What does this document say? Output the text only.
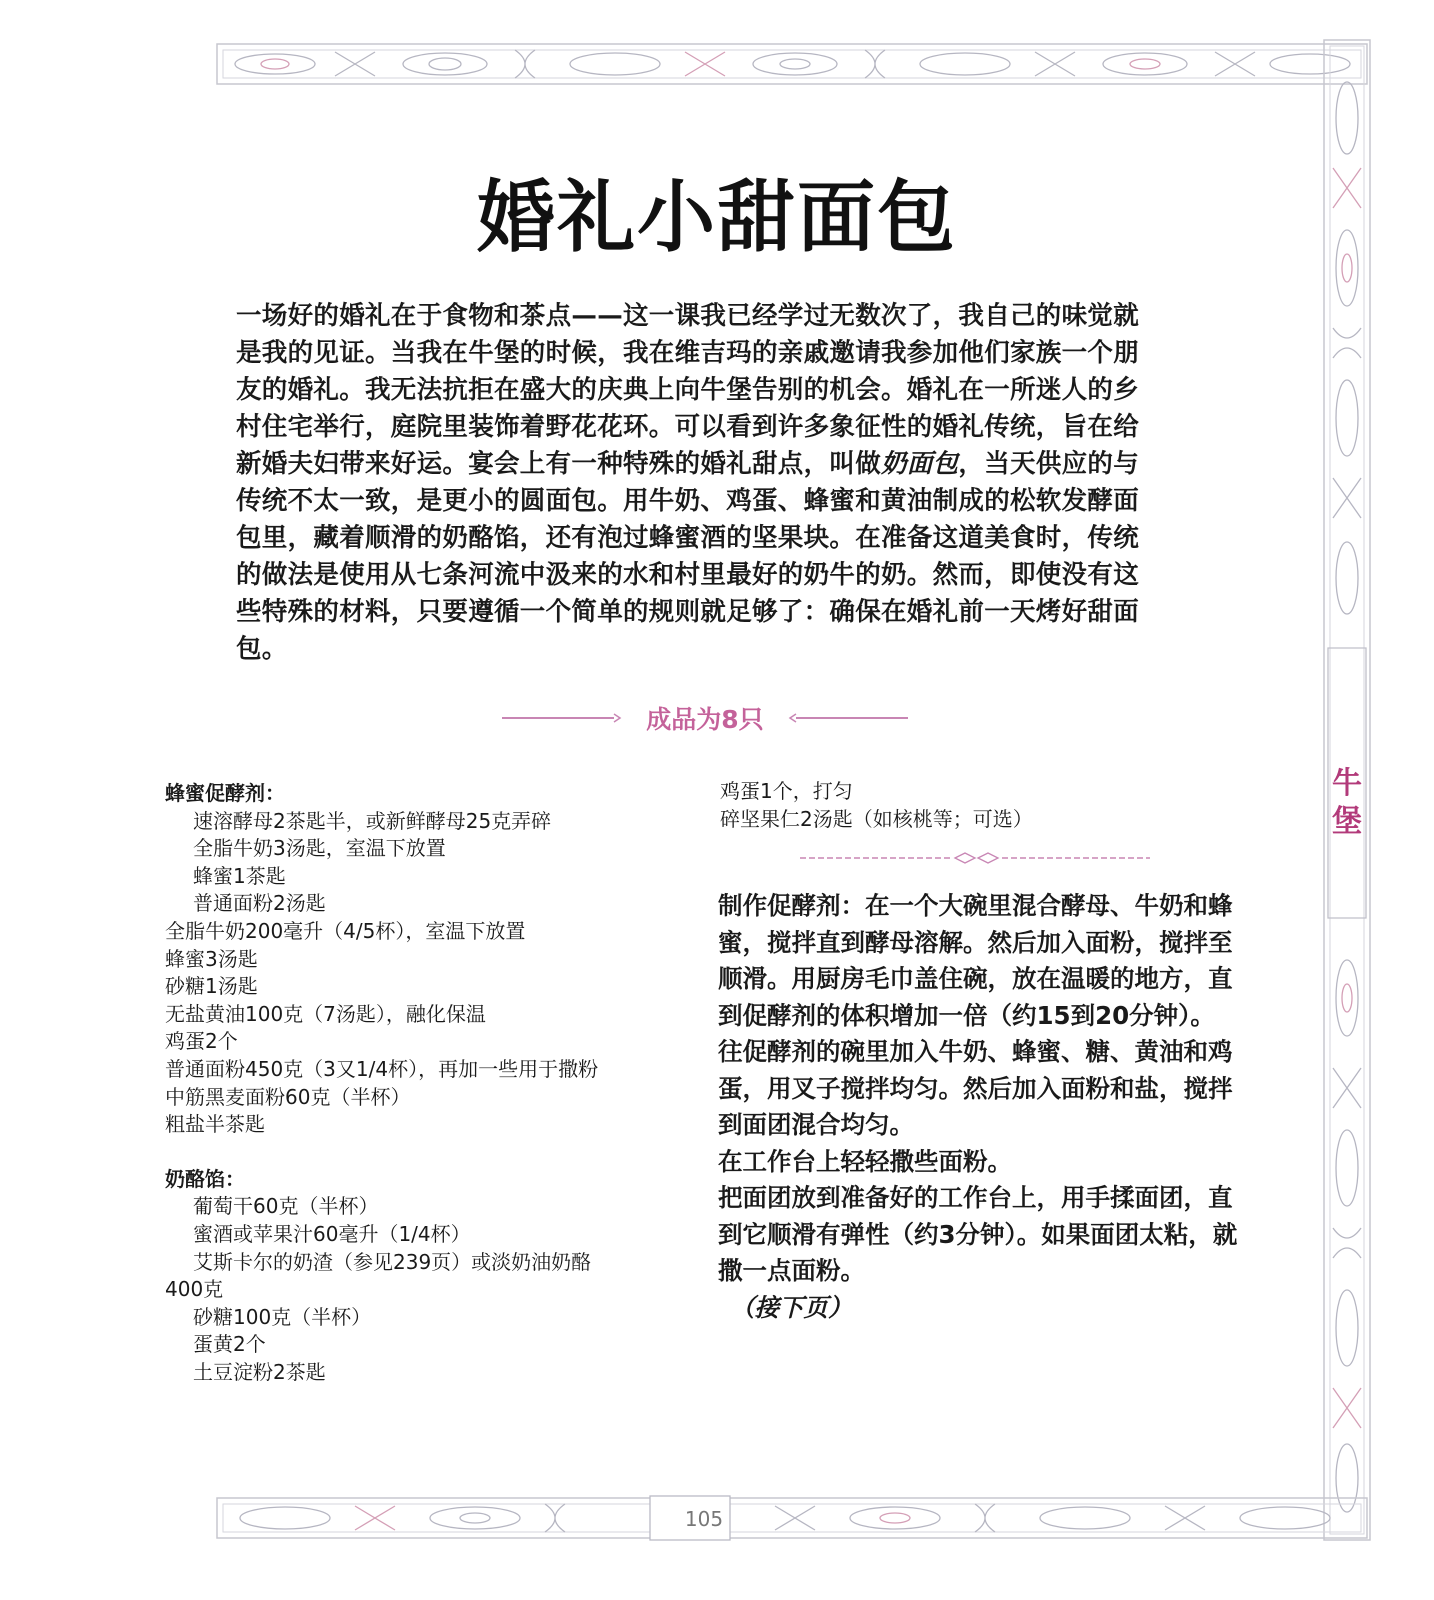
105
牛堡
婚礼小甜面包

一场好的婚礼在于食物和茶点——这一课我已经学过无数次了，我自己的味觉就是我的见证。当我在牛堡的时候，我在维吉玛的亲戚邀请我参加他们家族一个朋友的婚礼。我无法抗拒在盛大的庆典上向牛堡告别的机会。婚礼在一所迷人的乡村住宅举行，庭院里装饰着野花花环。可以看到许多象征性的婚礼传统，旨在给新婚夫妇带来好运。宴会上有一种特殊的婚礼甜点，叫做奶面包，当天供应的与传统不太一致，是更小的圆面包。用牛奶、鸡蛋、蜂蜜和黄油制成的松软发酵面包里，藏着顺滑的奶酪馅，还有泡过蜂蜜酒的坚果块。在准备这道美食时，传统的做法是使用从七条河流中汲来的水和村里最好的奶牛的奶。然而，即使没有这些特殊的材料，只要遵循一个简单的规则就足够了：确保在婚礼前一天烤好甜面包。

成品为8只
蜂蜜促酵剂：
速溶酵母2茶匙半，或新鲜酵母25克弄碎
全脂牛奶3汤匙，室温下放置
蜂蜜1茶匙
普通面粉2汤匙
全脂牛奶200毫升（4/5杯），室温下放置
蜂蜜3汤匙
砂糖1汤匙
无盐黄油100克（7汤匙），融化保温
鸡蛋2个
普通面粉450克（3又1/4杯），再加一些用于撒粉
中筋黑麦面粉60克（半杯）
粗盐半茶匙
奶酪馅：
葡萄干60克（半杯）
蜜酒或苹果汁60毫升（1/4杯）
艾斯卡尔的奶渣（参见239页）或淡奶油奶酪
400克
砂糖100克（半杯）
蛋黄2个
土豆淀粉2茶匙
鸡蛋1个，打匀
碎坚果仁2汤匙（如核桃等；可选）

制作促酵剂：在一个大碗里混合酵母、牛奶和蜂蜜，搅拌直到酵母溶解。然后加入面粉，搅拌至顺滑。用厨房毛巾盖住碗，放在温暖的地方，直到促酵剂的体积增加一倍（约15到20分钟）。

往促酵剂的碗里加入牛奶、蜂蜜、糖、黄油和鸡蛋，用叉子搅拌均匀。然后加入面粉和盐，搅拌到面团混合均匀。

在工作台上轻轻撒些面粉。

把面团放到准备好的工作台上，用手揉面团，直到它顺滑有弹性（约3分钟）。如果面团太粘，就撒一点面粉。

（接下页）
